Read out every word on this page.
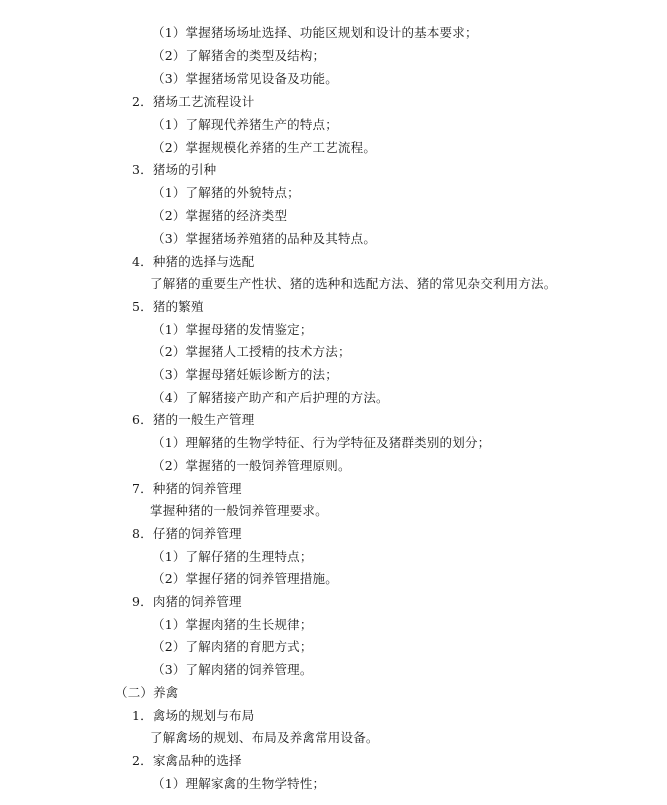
（1）掌握猪场场址选择、功能区规划和设计的基本要求；
（2）了解猪舍的类型及结构；
（3）掌握猪场常见设备及功能。
2．猪场工艺流程设计
（1）了解现代养猪生产的特点；
（2）掌握规模化养猪的生产工艺流程。
3．猪场的引种
（1）了解猪的外貌特点；
（2）掌握猪的经济类型
（3）掌握猪场养殖猪的品种及其特点。
4．种猪的选择与选配
了解猪的重要生产性状、猪的选种和选配方法、猪的常见杂交利用方法。
5．猪的繁殖
（1）掌握母猪的发情鉴定；
（2）掌握猪人工授精的技术方法；
（3）掌握母猪妊娠诊断方的法；
（4）了解猪接产助产和产后护理的方法。
6．猪的一般生产管理
（1）理解猪的生物学特征、行为学特征及猪群类别的划分；
（2）掌握猪的一般饲养管理原则。
7．种猪的饲养管理
掌握种猪的一般饲养管理要求。
8．仔猪的饲养管理
（1）了解仔猪的生理特点；
（2）掌握仔猪的饲养管理措施。
9．肉猪的饲养管理
（1）掌握肉猪的生长规律；
（2）了解肉猪的育肥方式；
（3）了解肉猪的饲养管理。
（二）养禽
1．禽场的规划与布局
了解禽场的规划、布局及养禽常用设备。
2．家禽品种的选择
（1）理解家禽的生物学特性；
